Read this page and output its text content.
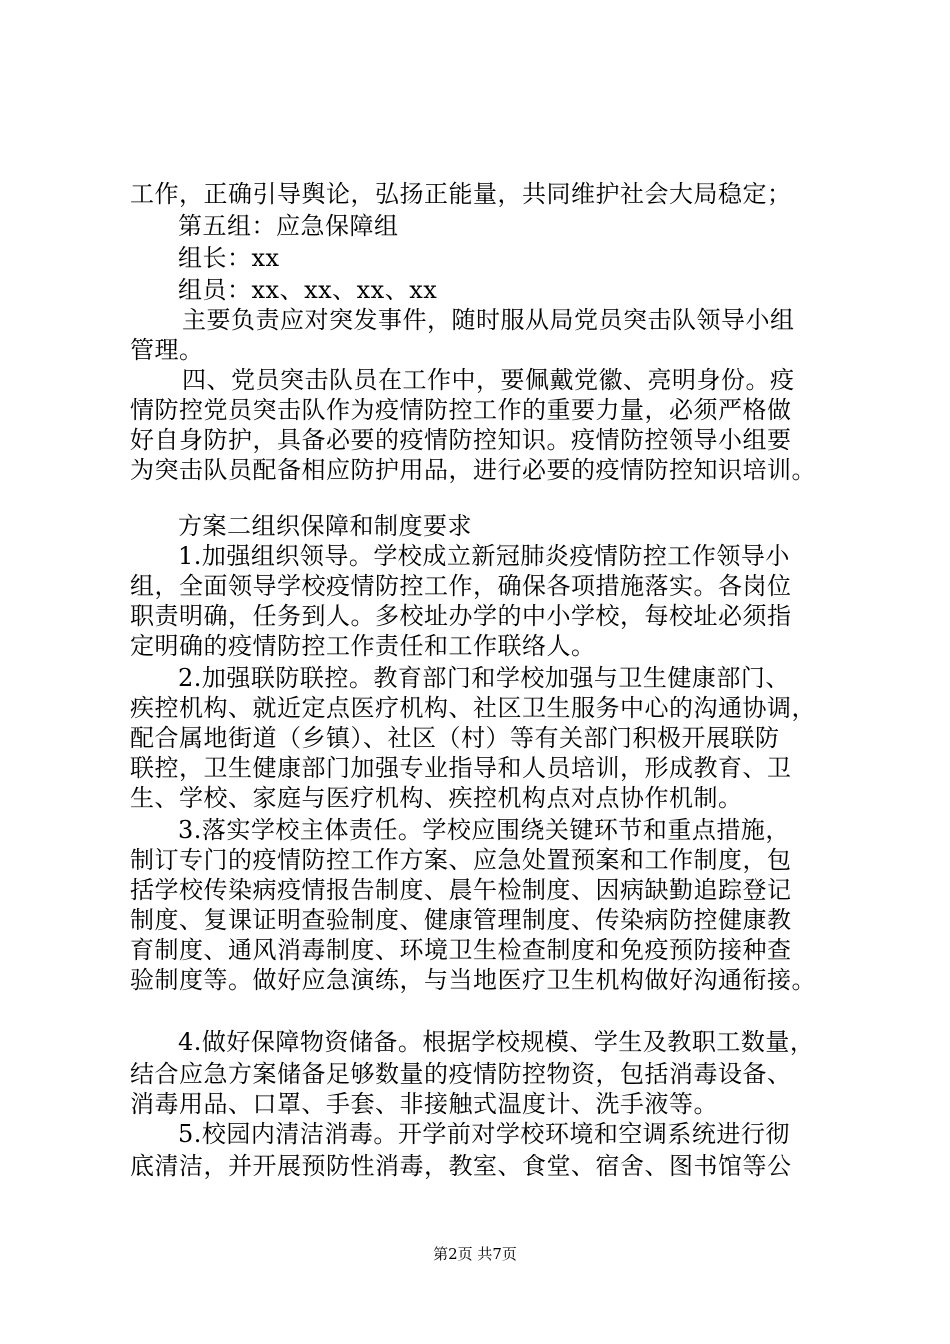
工作，正确引导舆论，弘扬正能量，共同维护社会大局稳定；
第五组：应急保障组
组长：xx
组员：xx、xx、xx、xx
主要负责应对突发事件，随时服从局党员突击队领导小组
管理。
四、党员突击队员在工作中，要佩戴党徽、亮明身份。疫
情防控党员突击队作为疫情防控工作的重要力量，必须严格做
好自身防护，具备必要的疫情防控知识。疫情防控领导小组要
为突击队员配备相应防护用品，进行必要的疫情防控知识培训。
方案二组织保障和制度要求
1.加强组织领导。学校成立新冠肺炎疫情防控工作领导小
组，全面领导学校疫情防控工作，确保各项措施落实。各岗位
职责明确，任务到人。多校址办学的中小学校，每校址必须指
定明确的疫情防控工作责任和工作联络人。
2.加强联防联控。教育部门和学校加强与卫生健康部门、
疾控机构、就近定点医疗机构、社区卫生服务中心的沟通协调，
配合属地街道（乡镇）、社区（村）等有关部门积极开展联防
联控，卫生健康部门加强专业指导和人员培训，形成教育、卫
生、学校、家庭与医疗机构、疾控机构点对点协作机制。
3.落实学校主体责任。学校应围绕关键环节和重点措施，
制订专门的疫情防控工作方案、应急处置预案和工作制度，包
括学校传染病疫情报告制度、晨午检制度、因病缺勤追踪登记
制度、复课证明查验制度、健康管理制度、传染病防控健康教
育制度、通风消毒制度、环境卫生检查制度和免疫预防接种查
验制度等。做好应急演练，与当地医疗卫生机构做好沟通衔接。
4.做好保障物资储备。根据学校规模、学生及教职工数量，
结合应急方案储备足够数量的疫情防控物资，包括消毒设备、
消毒用品、口罩、手套、非接触式温度计、洗手液等。
5.校园内清洁消毒。开学前对学校环境和空调系统进行彻
底清洁，并开展预防性消毒，教室、食堂、宿舍、图书馆等公
第2页 共7页
